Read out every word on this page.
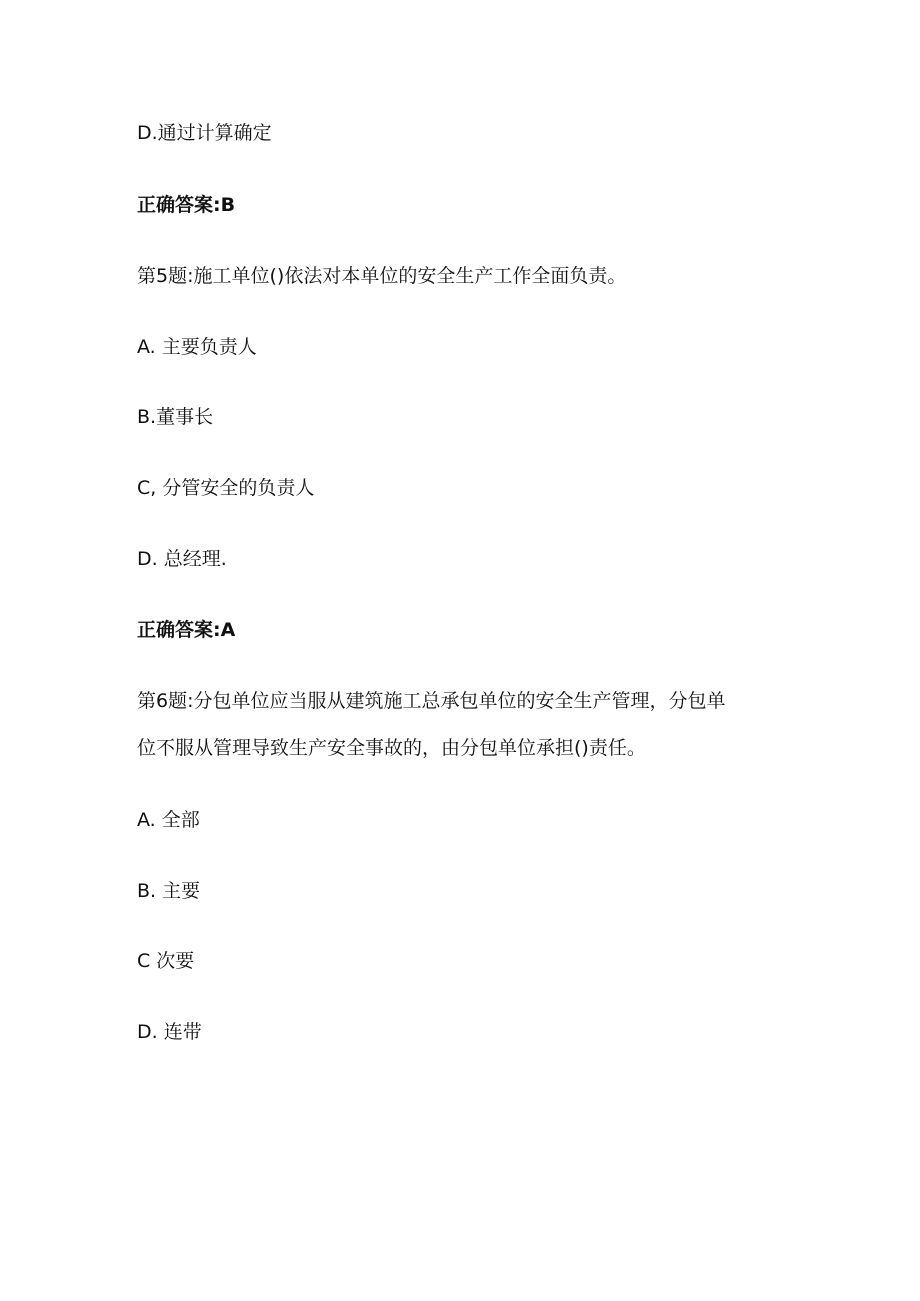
D.通过计算确定
正确答案:B
第5题:施工单位()依法对本单位的安全生产工作全面负责。
A. 主要负责人
B.董事长
C, 分管安全的负责人
D. 总经理.
正确答案:A
第6题:分包单位应当服从建筑施工总承包单位的安全生产管理，分包单
位不服从管理导致生产安全事故的，由分包单位承担()责任。
A. 全部
B. 主要
C 次要
D. 连带
